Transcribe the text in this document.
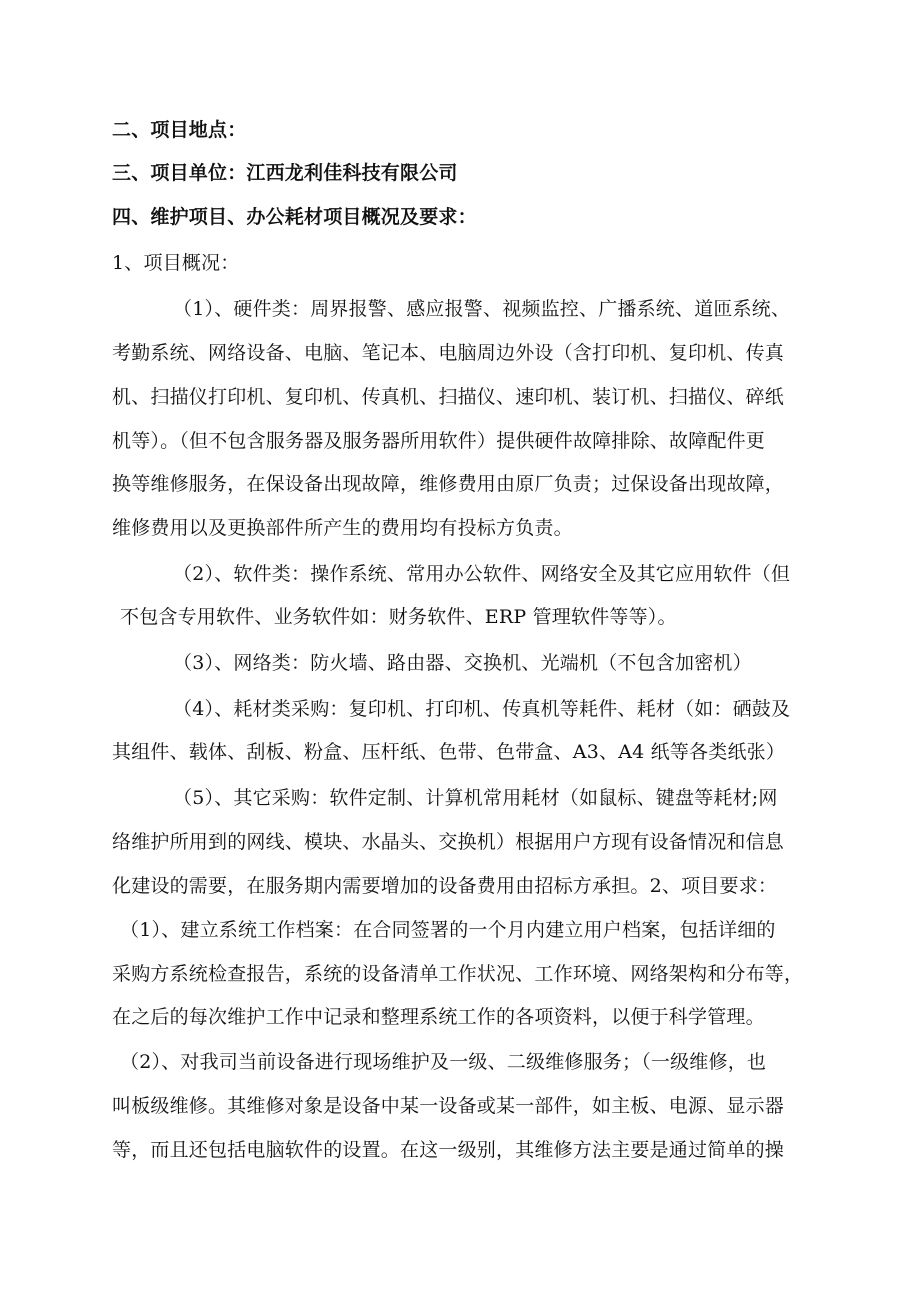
二、项目地点：
三、项目单位：江西龙利佳科技有限公司
四、维护项目、办公耗材项目概况及要求：
1、项目概况：
（1）、硬件类：周界报警、感应报警、视频监控、广播系统、道匝系统、
考勤系统、网络设备、电脑、笔记本、电脑周边外设（含打印机、复印机、传真
机、扫描仪打印机、复印机、传真机、扫描仪、速印机、装订机、扫描仪、碎纸
机等）。（但不包含服务器及服务器所用软件）提供硬件故障排除、故障配件更
换等维修服务，在保设备出现故障，维修费用由原厂负责；过保设备出现故障，
维修费用以及更换部件所产生的费用均有投标方负责。
（2）、软件类：操作系统、常用办公软件、网络安全及其它应用软件（但
不包含专用软件、业务软件如：财务软件、ERP 管理软件等等）。
（3）、网络类：防火墙、路由器、交换机、光端机（不包含加密机）
（4）、耗材类采购：复印机、打印机、传真机等耗件、耗材（如：硒鼓及
其组件、载体、刮板、粉盒、压杆纸、色带、色带盒、A3、A4 纸等各类纸张）
（5）、其它采购：软件定制、计算机常用耗材（如鼠标、键盘等耗材;网
络维护所用到的网线、模块、水晶头、交换机）根据用户方现有设备情况和信息
化建设的需要，在服务期内需要增加的设备费用由招标方承担。2、项目要求：
（1）、建立系统工作档案：在合同签署的一个月内建立用户档案，包括详细的
采购方系统检查报告，系统的设备清单工作状况、工作环境、网络架构和分布等，
在之后的每次维护工作中记录和整理系统工作的各项资料，以便于科学管理。
（2）、对我司当前设备进行现场维护及一级、二级维修服务；（一级维修，也
叫板级维修。其维修对象是设备中某一设备或某一部件，如主板、电源、显示器
等，而且还包括电脑软件的设置。在这一级别，其维修方法主要是通过简单的操
